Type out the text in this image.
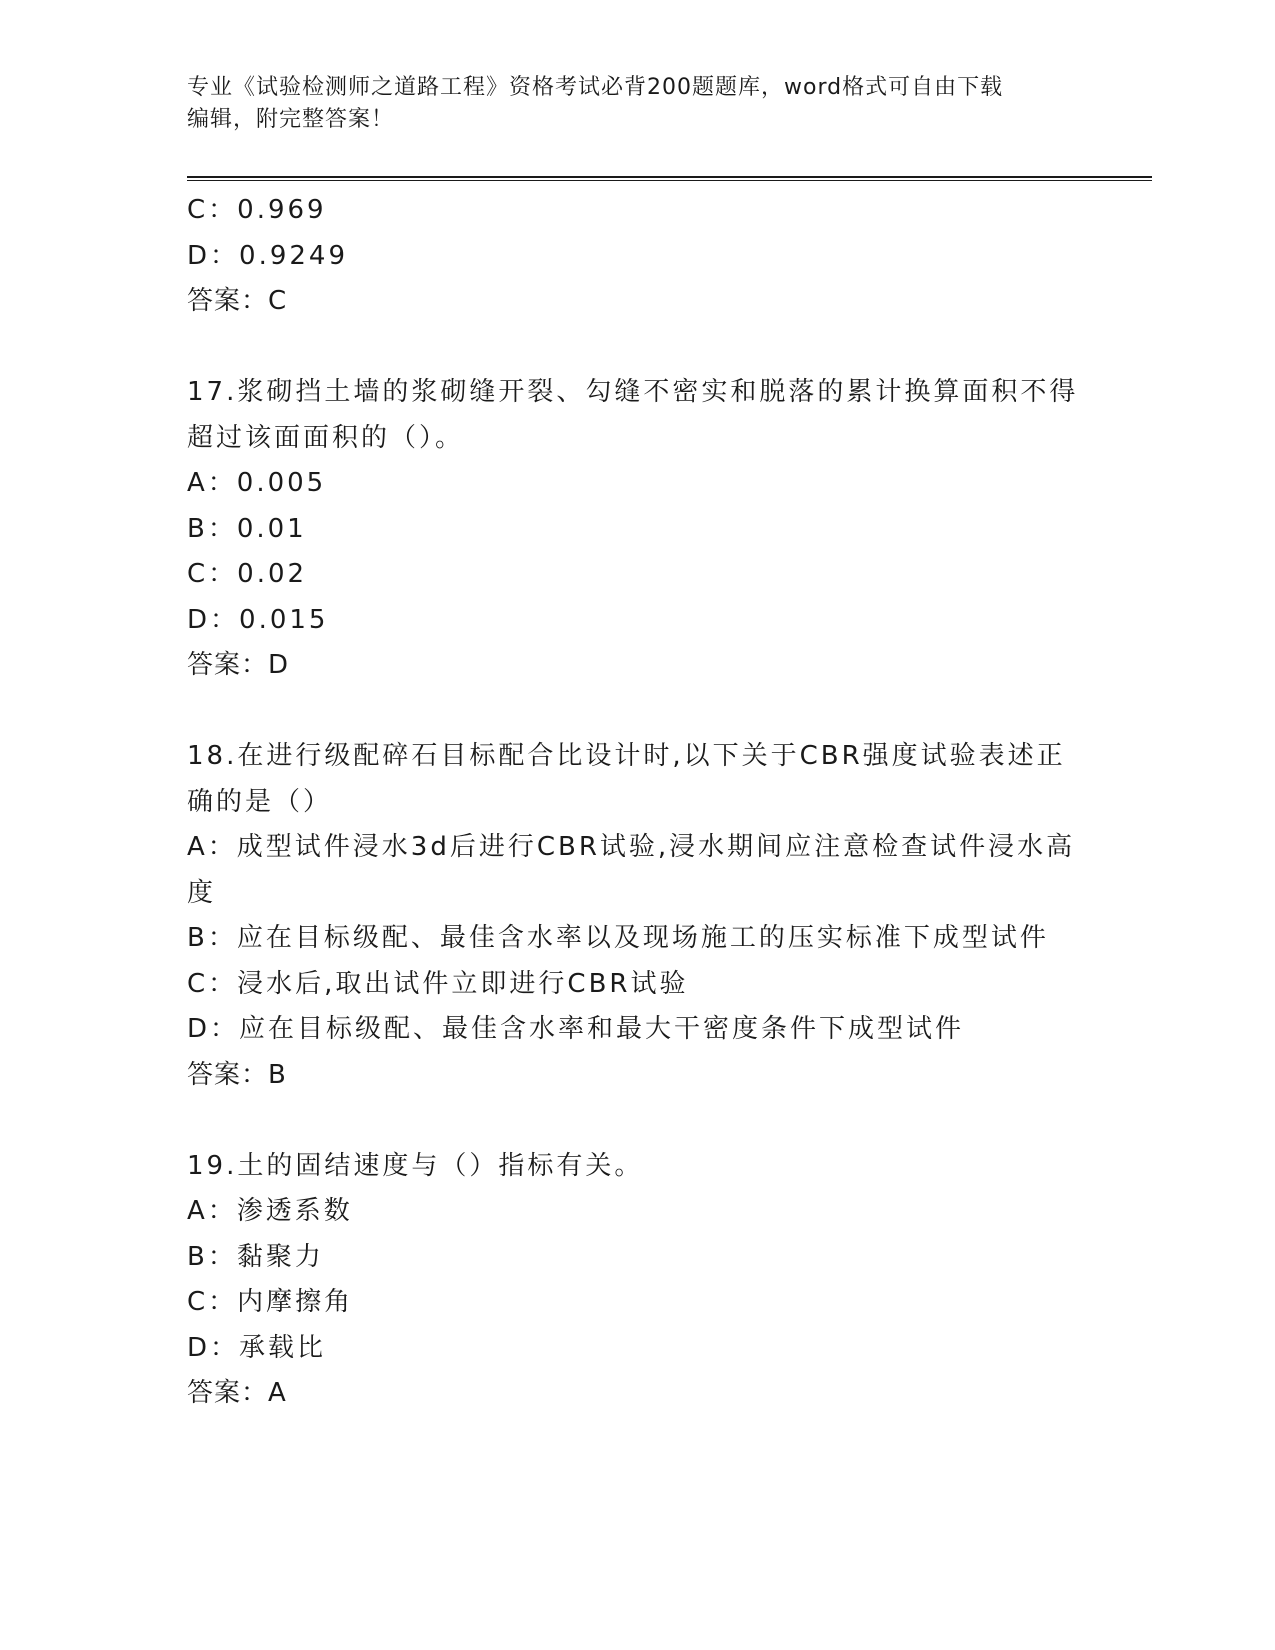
专业《试验检测师之道路工程》资格考试必背200题题库，word格式可自由下载
编辑，附完整答案！
C：0.969
D：0.9249
答案：C
17.浆砌挡土墙的浆砌缝开裂、勾缝不密实和脱落的累计换算面积不得
超过该面面积的（）。
A：0.005
B：0.01
C：0.02
D：0.015
答案：D
18.在进行级配碎石目标配合比设计时,以下关于CBR强度试验表述正
确的是（）
A：成型试件浸水3d后进行CBR试验,浸水期间应注意检查试件浸水高
度
B：应在目标级配、最佳含水率以及现场施工的压实标准下成型试件
C：浸水后,取出试件立即进行CBR试验
D：应在目标级配、最佳含水率和最大干密度条件下成型试件
答案：B
19.土的固结速度与（）指标有关。
A：渗透系数
B：黏聚力
C：内摩擦角
D：承载比
答案：A
